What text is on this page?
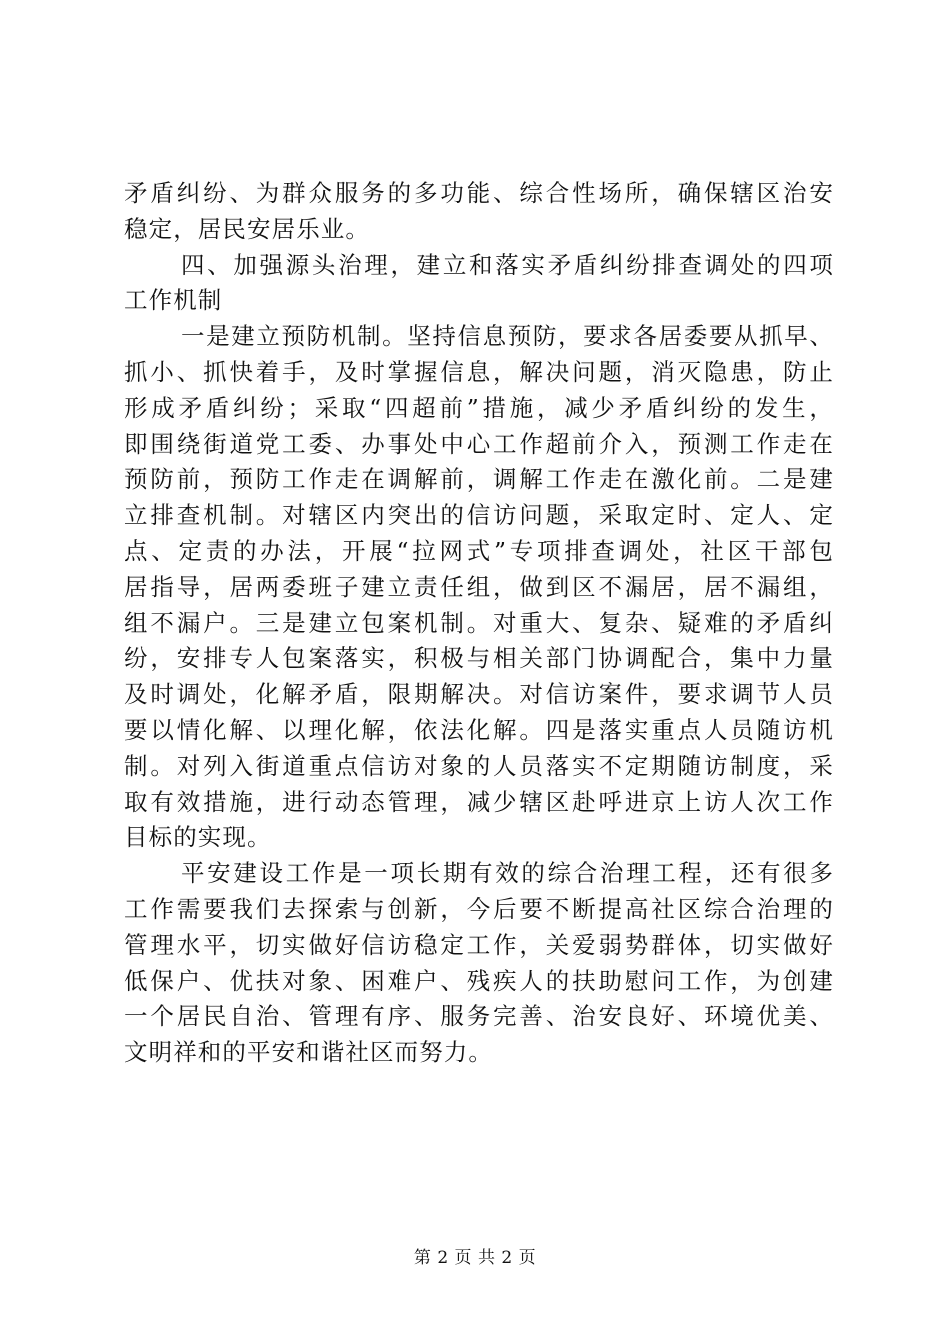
矛盾纠纷、为群众服务的多功能、综合性场所，确保辖区治安
稳定，居民安居乐业。
四、加强源头治理，建立和落实矛盾纠纷排查调处的四项
工作机制
一是建立预防机制。坚持信息预防，要求各居委要从抓早、
抓小、抓快着手，及时掌握信息，解决问题，消灭隐患，防止
形成矛盾纠纷；采取“四超前”措施，减少矛盾纠纷的发生，
即围绕街道党工委、办事处中心工作超前介入，预测工作走在
预防前，预防工作走在调解前，调解工作走在激化前。二是建
立排查机制。对辖区内突出的信访问题，采取定时、定人、定
点、定责的办法，开展“拉网式”专项排查调处，社区干部包
居指导，居两委班子建立责任组，做到区不漏居，居不漏组，
组不漏户。三是建立包案机制。对重大、复杂、疑难的矛盾纠
纷，安排专人包案落实，积极与相关部门协调配合，集中力量
及时调处，化解矛盾，限期解决。对信访案件，要求调节人员
要以情化解、以理化解，依法化解。四是落实重点人员随访机
制。对列入街道重点信访对象的人员落实不定期随访制度，采
取有效措施，进行动态管理，减少辖区赴呼进京上访人次工作
目标的实现。
平安建设工作是一项长期有效的综合治理工程，还有很多
工作需要我们去探索与创新，今后要不断提高社区综合治理的
管理水平，切实做好信访稳定工作，关爱弱势群体，切实做好
低保户、优扶对象、困难户、残疾人的扶助慰问工作，为创建
一个居民自治、管理有序、服务完善、治安良好、环境优美、
文明祥和的平安和谐社区而努力。
第 2 页 共 2 页
